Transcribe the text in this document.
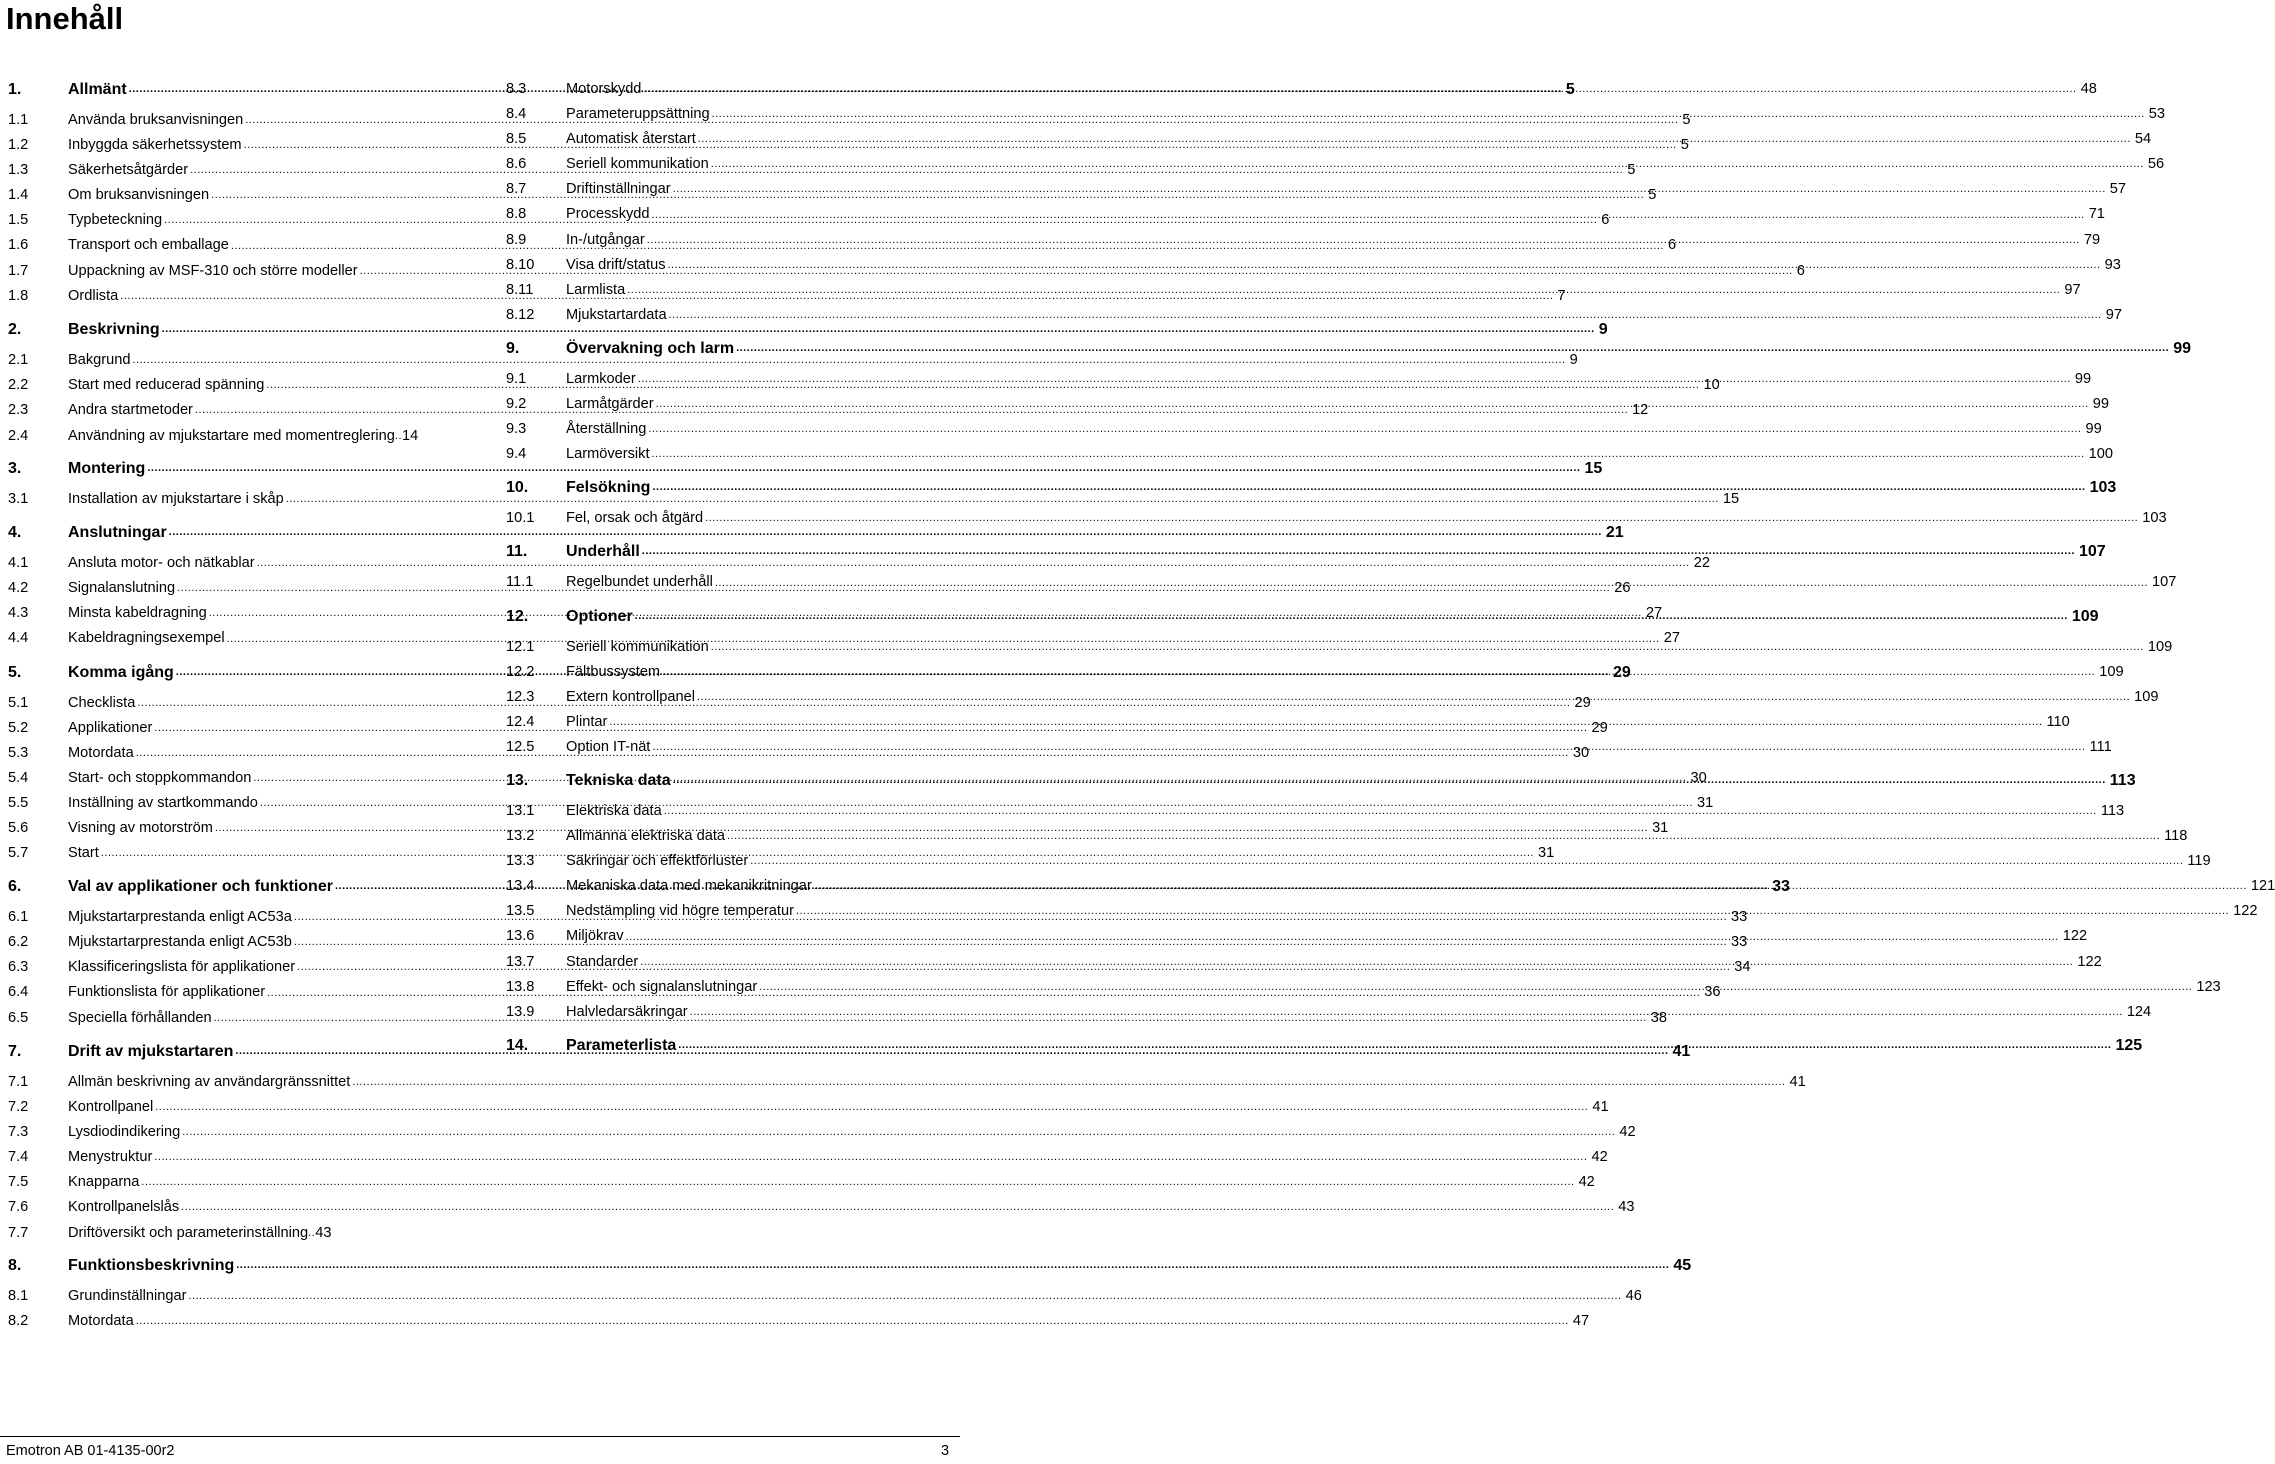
Innehåll
1.	Allmänt .....	5
1.1	Använda bruksanvisningen .....	5
1.2	Inbyggda säkerhetssystem .....	5
1.3	Säkerhetsåtgärder .....	5
1.4	Om bruksanvisningen .....	5
1.5	Typbeteckning .....	6
1.6	Transport och emballage .....	6
1.7	Uppackning av MSF-310 och större modeller .....	6
1.8	Ordlista .....	7
2.	Beskrivning .....	9
2.1	Bakgrund .....	9
2.2	Start med reducerad spänning .....	10
2.3	Andra startmetoder .....	12
2.4	Användning av mjukstartare med momentreglering .. 14
3.	Montering .....	15
3.1	Installation av mjukstartare i skåp .....	15
4.	Anslutningar .....	21
4.1	Ansluta motor- och nätkablar .....	22
4.2	Signalanslutning .....	26
4.3	Minsta kabeldragning .....	27
4.4	Kabeldragningsexempel .....	27
5.	Komma igång .....	29
5.1	Checklista .....	29
5.2	Applikationer .....	29
5.3	Motordata .....	30
5.4	Start- och stoppkommandon .....	30
5.5	Inställning av startkommando .....	31
5.6	Visning av motorström .....	31
5.7	Start .....	31
6.	Val av applikationer och funktioner .....	33
6.1	Mjukstartarprestanda enligt AC53a .....	33
6.2	Mjukstartarprestanda enligt AC53b .....	33
6.3	Klassificeringslista för applikationer .....	34
6.4	Funktionslista för applikationer .....	36
6.5	Speciella förhållanden .....	38
7.	Drift av mjukstartaren .....	41
7.1	Allmän beskrivning av användargränssnittet .....	41
7.2	Kontrollpanel .....	41
7.3	Lysdiodindikering .....	42
7.4	Menystruktur .....	42
7.5	Knapparna .....	42
7.6	Kontrollpanelslås .....	43
7.7	Driftöversikt och parameterinställning .. 43
8.	Funktionsbeskrivning .....	45
8.1	Grundinställningar .....	46
8.2	Motordata .....	47
8.3	Motorskydd .....	48
8.4	Parameteruppsättning .....	53
8.5	Automatisk återstart .....	54
8.6	Seriell kommunikation .....	56
8.7	Driftinställningar .....	57
8.8	Processkydd .....	71
8.9	In-/utgångar .....	79
8.10	Visa drift/status .....	93
8.11	Larmlista .....	97
8.12	Mjukstartardata .....	97
9.	Övervakning och larm .....	99
9.1	Larmkoder .....	99
9.2	Larmåtgärder .....	99
9.3	Återställning .....	99
9.4	Larmöversikt .....	100
10.	Felsökning .....	103
10.1	Fel, orsak och åtgärd .....	103
11.	Underhåll .....	107
11.1	Regelbundet underhåll .....	107
12.	Optioner .....	109
12.1	Seriell kommunikation .....	109
12.2	Fältbussystem .....	109
12.3	Extern kontrollpanel .....	109
12.4	Plintar .....	110
12.5	Option IT-nät .....	111
13.	Tekniska data .....	113
13.1	Elektriska data .....	113
13.2	Allmänna elektriska data .....	118
13.3	Säkringar och effektförluster .....	119
13.4	Mekaniska data med mekanikritningar .....	121
13.5	Nedstämpling vid högre temperatur .....	122
13.6	Miljökrav .....	122
13.7	Standarder .....	122
13.8	Effekt- och signalanslutningar .....	123
13.9	Halvledarsäkringar .....	124
14.	Parameterlista .....	125
Emotron AB 01-4135-00r2	3
